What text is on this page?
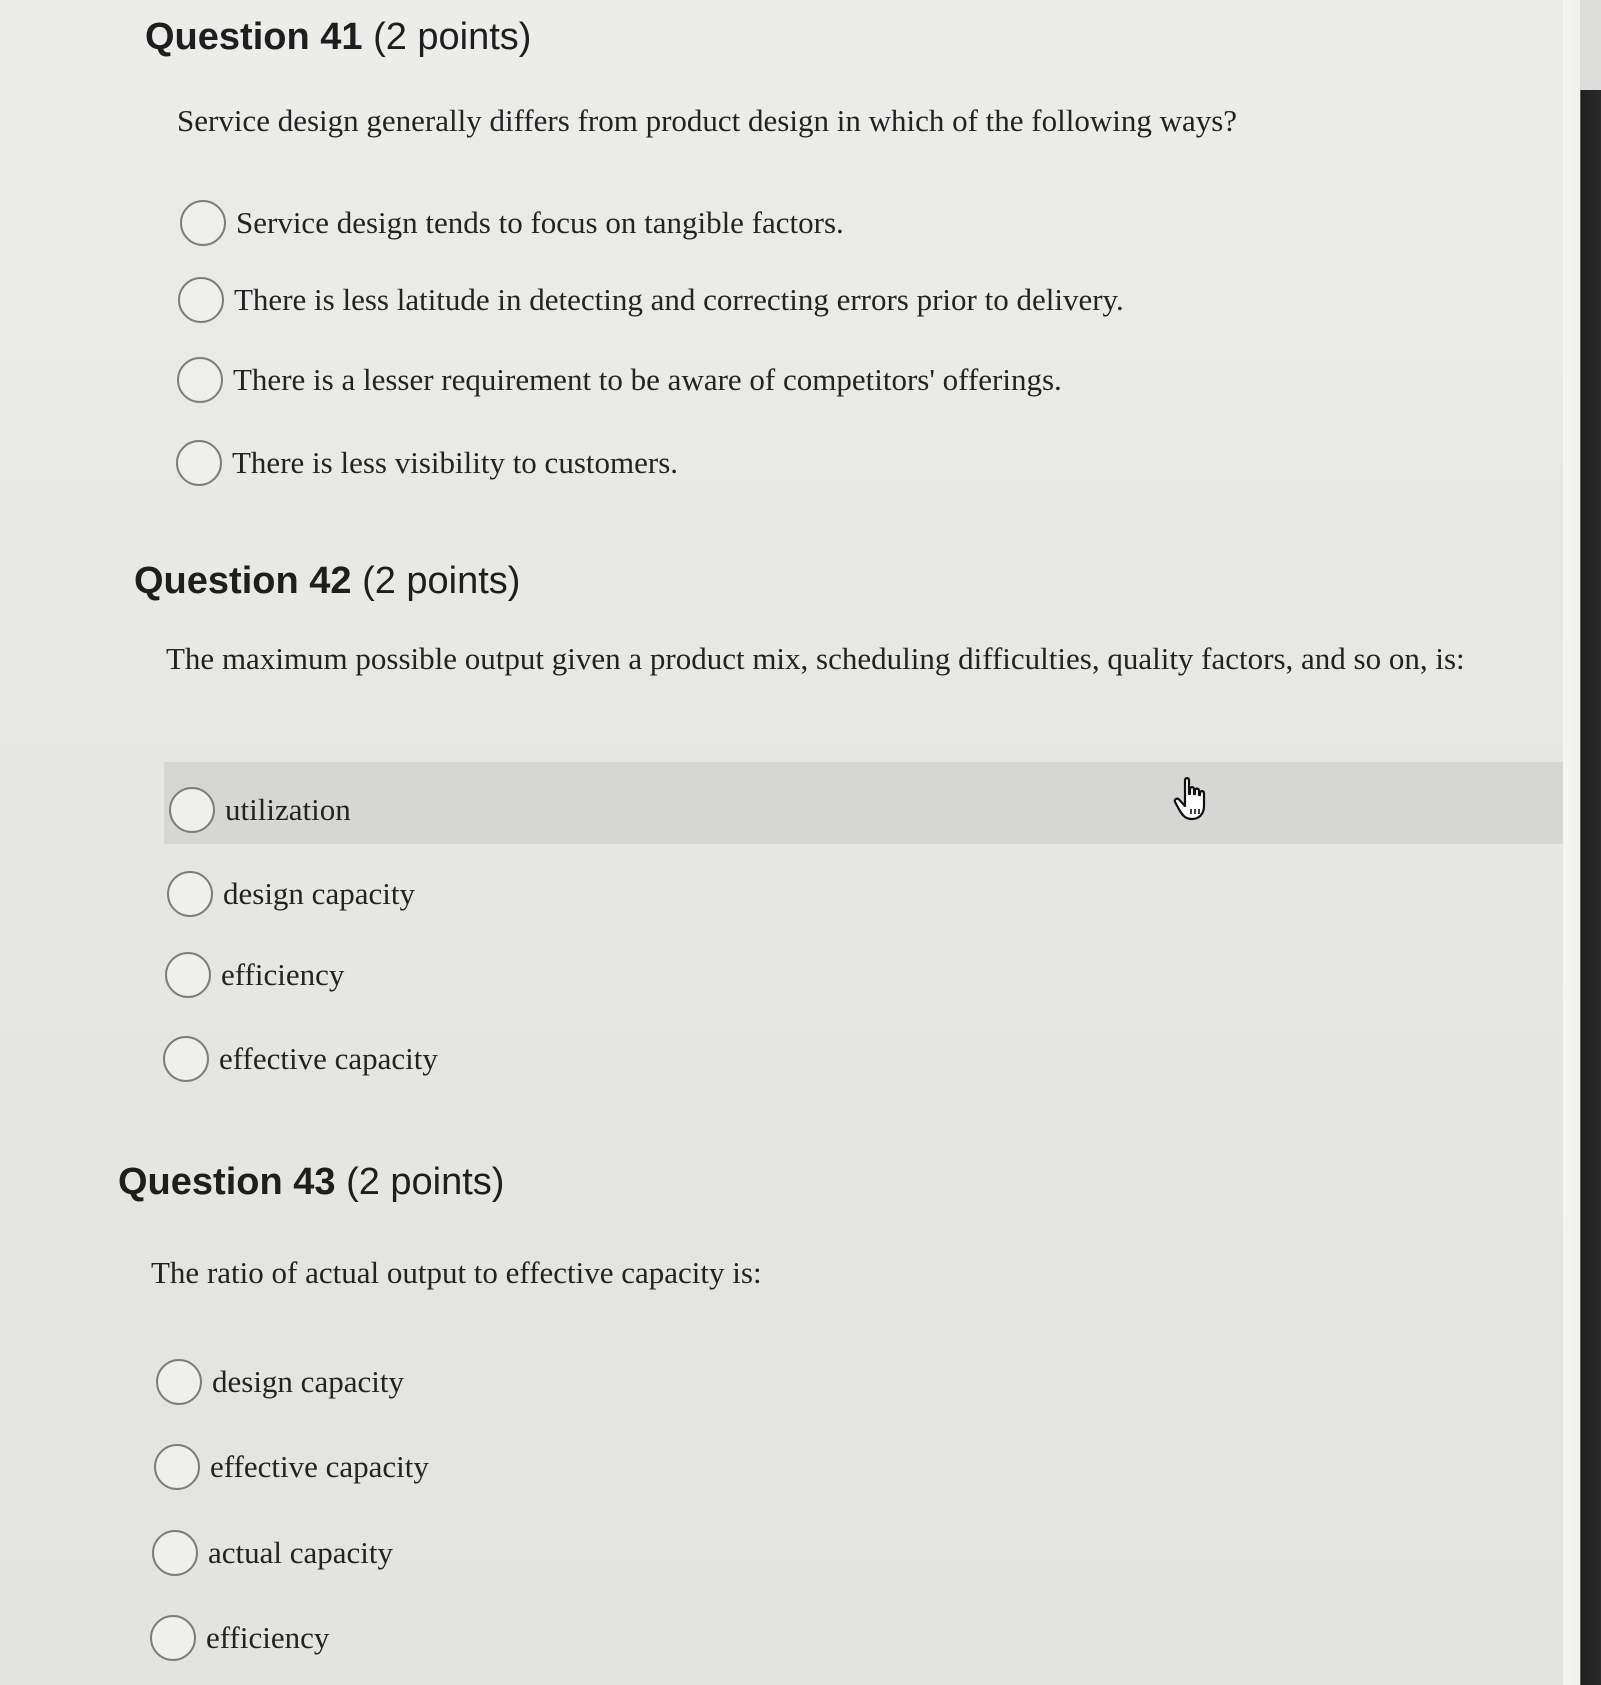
Question 41 (2 points)
Service design generally differs from product design in which of the following ways?
Service design tends to focus on tangible factors.
There is less latitude in detecting and correcting errors prior to delivery.
There is a lesser requirement to be aware of competitors' offerings.
There is less visibility to customers.
Question 42 (2 points)
The maximum possible output given a product mix, scheduling difficulties, quality factors, and so on, is:
utilization
design capacity
efficiency
effective capacity
Question 43 (2 points)
The ratio of actual output to effective capacity is:
design capacity
effective capacity
actual capacity
efficiency
